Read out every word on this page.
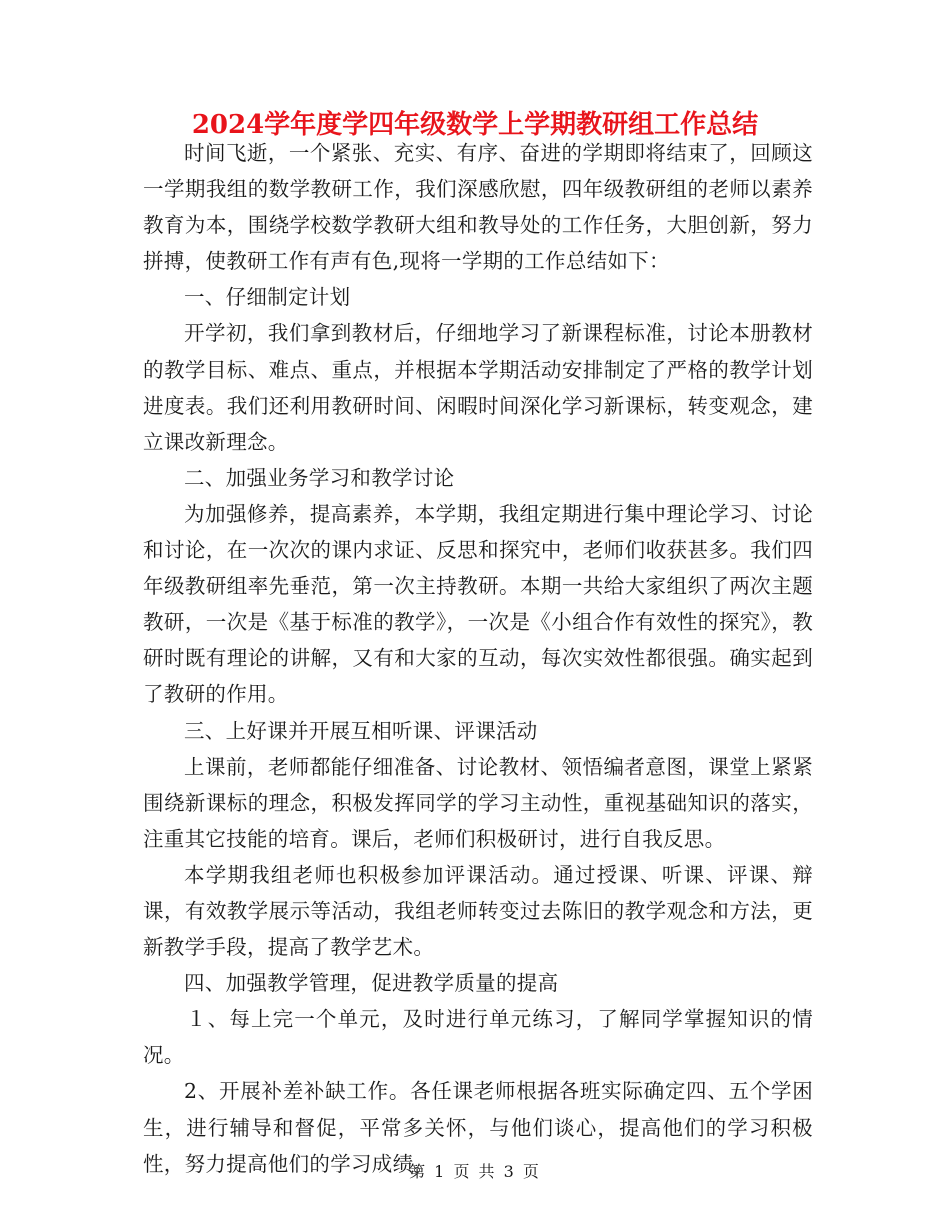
2024学年度学四年级数学上学期教研组工作总结

时间飞逝，一个紧张、充实、有序、奋进的学期即将结束了，回顾这一学期我组的数学教研工作，我们深感欣慰，四年级教研组的老师以素养教育为本，围绕学校数学教研大组和教导处的工作任务，大胆创新，努力拼搏，使教研工作有声有色,现将一学期的工作总结如下：

一、仔细制定计划

开学初，我们拿到教材后，仔细地学习了新课程标准，讨论本册教材的教学目标、难点、重点，并根据本学期活动安排制定了严格的教学计划进度表。我们还利用教研时间、闲暇时间深化学习新课标，转变观念，建立课改新理念。

二、加强业务学习和教学讨论

为加强修养，提高素养，本学期，我组定期进行集中理论学习、讨论和讨论，在一次次的课内求证、反思和探究中，老师们收获甚多。我们四年级教研组率先垂范，第一次主持教研。本期一共给大家组织了两次主题教研，一次是《基于标准的教学》，一次是《小组合作有效性的探究》，教研时既有理论的讲解，又有和大家的互动，每次实效性都很强。确实起到了教研的作用。

三、上好课并开展互相听课、评课活动

上课前，老师都能仔细准备、讨论教材、领悟编者意图，课堂上紧紧围绕新课标的理念，积极发挥同学的学习主动性，重视基础知识的落实，注重其它技能的培育。课后，老师们积极研讨，进行自我反思。

本学期我组老师也积极参加评课活动。通过授课、听课、评课、辩课，有效教学展示等活动，我组老师转变过去陈旧的教学观念和方法，更新教学手段，提高了教学艺术。

四、加强教学管理，促进教学质量的提高

１、每上完一个单元，及时进行单元练习，了解同学掌握知识的情况。

2、开展补差补缺工作。各任课老师根据各班实际确定四、五个学困生，进行辅导和督促，平常多关怀，与他们谈心，提高他们的学习积极性，努力提高他们的学习成绩。

第 1 页 共 3 页
